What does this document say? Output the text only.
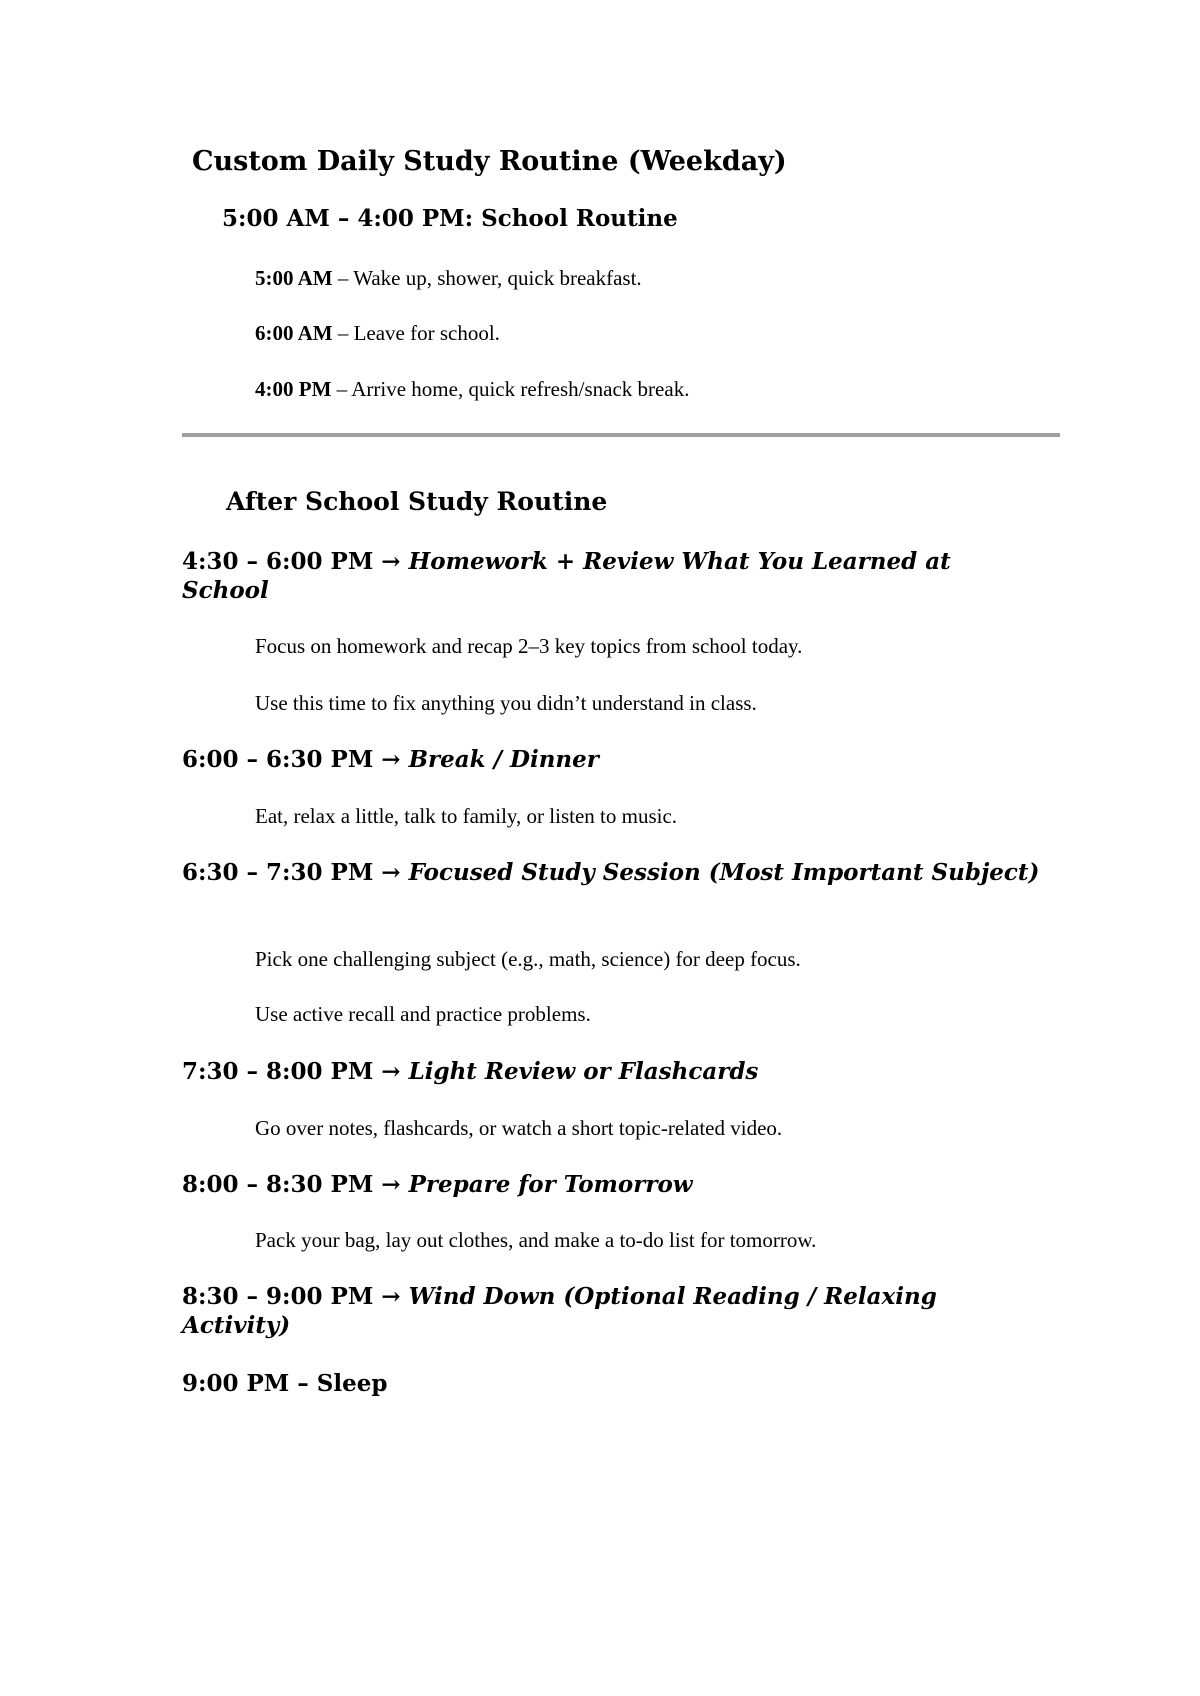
Custom Daily Study Routine (Weekday)
5:00 AM – 4:00 PM: School Routine
5:00 AM – Wake up, shower, quick breakfast.
6:00 AM – Leave for school.
4:00 PM – Arrive home, quick refresh/snack break.
After School Study Routine
4:30 – 6:00 PM → Homework + Review What You Learned at School
Focus on homework and recap 2–3 key topics from school today.
Use this time to fix anything you didn’t understand in class.
6:00 – 6:30 PM → Break / Dinner
Eat, relax a little, talk to family, or listen to music.
6:30 – 7:30 PM → Focused Study Session (Most Important Subject)
Pick one challenging subject (e.g., math, science) for deep focus.
Use active recall and practice problems.
7:30 – 8:00 PM → Light Review or Flashcards
Go over notes, flashcards, or watch a short topic-related video.
8:00 – 8:30 PM → Prepare for Tomorrow
Pack your bag, lay out clothes, and make a to-do list for tomorrow.
8:30 – 9:00 PM → Wind Down (Optional Reading / Relaxing Activity)
9:00 PM – Sleep
